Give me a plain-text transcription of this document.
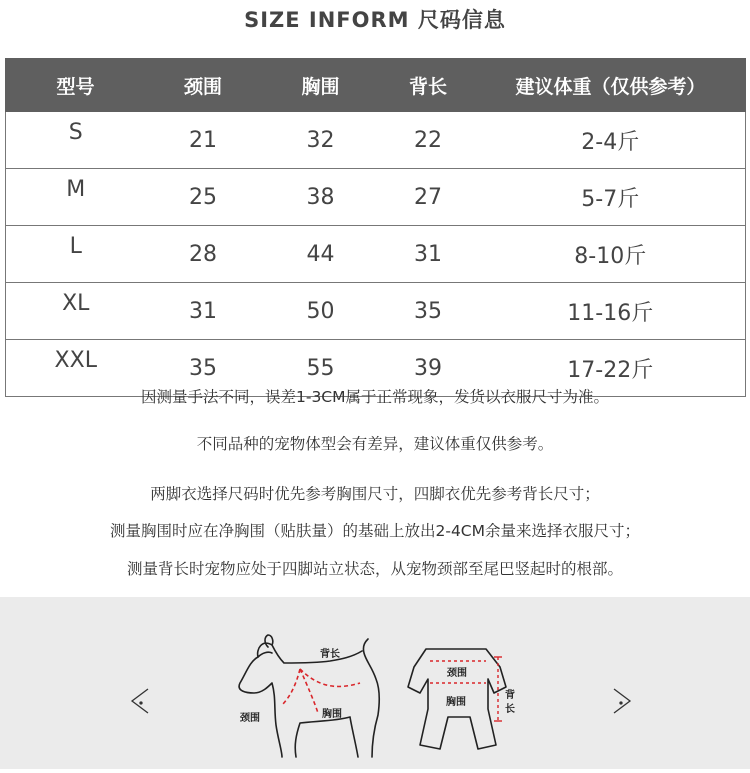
SIZE INFORM 尺码信息
型号	颈围	胸围	背长	建议体重（仅供参考）
S	21	32	22	2-4斤
M	25	38	27	5-7斤
L	28	44	31	8-10斤
XL	31	50	35	11-16斤
XXL	35	55	39	17-22斤
因测量手法不同，误差1-3CM属于正常现象，发货以衣服尺寸为准。
不同品种的宠物体型会有差异，建议体重仅供参考。
两脚衣选择尺码时优先参考胸围尺寸，四脚衣优先参考背长尺寸；
测量胸围时应在净胸围（贴肤量）的基础上放出2-4CM余量来选择衣服尺寸；
测量背长时宠物应处于四脚站立状态，从宠物颈部至尾巴竖起时的根部。
背长
颈围	胸围
颈围
胸围
背
长
